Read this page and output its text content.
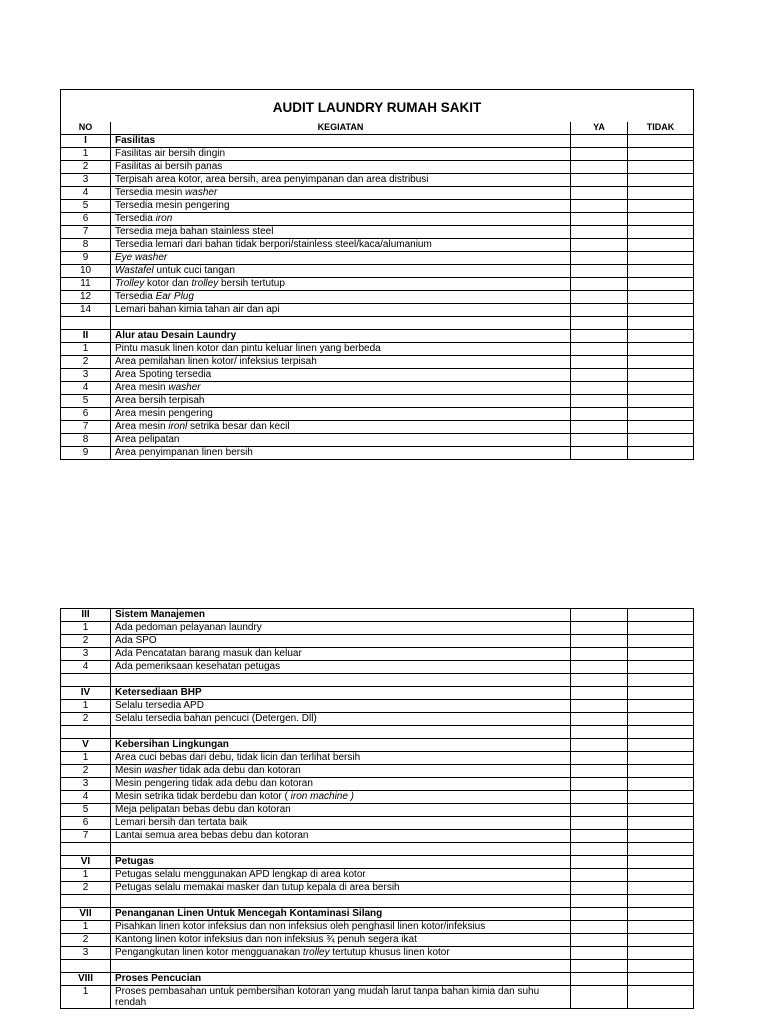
AUDIT LAUNDRY RUMAH SAKIT			
NO	KEGIATAN	YA	TIDAK
I	Fasilitas		
1	Fasilitas air bersih dingin		
2	Fasilitas ai bersih panas		
3	Terpisah area kotor, area bersih, area penyimpanan dan area distribusi		
4	Tersedia mesin washer		
5	Tersedia mesin pengering		
6	Tersedia iron		
7	Tersedia meja bahan stainless steel		
8	Tersedia lemari dari bahan tidak berpori/stainless steel/kaca/alumanium		
9	Eye washer		
10	Wastafel untuk cuci tangan		
11	Trolley kotor dan trolley bersih tertutup		
12	Tersedia Ear Plug		
14	Lemari bahan kimia tahan air dan api		

II	Alur atau Desain Laundry		
1	Pintu masuk linen kotor dan pintu keluar linen yang berbeda		
2	Area pemilahan linen kotor/ infeksius terpisah		
3	Area Spoting tersedia		
4	Area mesin washer		
5	Area bersih terpisah		
6	Area mesin pengering		
7	Area mesin ironl setrika besar dan kecil		
8	Area pelipatan		
9	Area penyimpanan linen bersih		
III	Sistem Manajemen		
1	Ada pedoman pelayanan laundry		
2	Ada SPO		
3	Ada Pencatatan barang masuk dan keluar		
4	Ada pemeriksaan kesehatan petugas		

IV	Ketersediaan BHP		
1	Selalu tersedia APD		
2	Selalu tersedia bahan pencuci (Detergen. Dll)		

V	Kebersihan Lingkungan		
1	Area cuci bebas dari debu, tidak licin dan terlihat bersih		
2	Mesin washer tidak ada debu dan kotoran		
3	Mesin pengering tidak ada debu dan kotoran		
4	Mesin setrika tidak berdebu dan kotor ( iron machine )		
5	Meja pelipatan bebas debu dan kotoran		
6	Lemari bersih dan tertata baik		
7	Lantai semua area bebas debu dan kotoran		

VI	Petugas		
1	Petugas selalu menggunakan APD lengkap di area kotor		
2	Petugas selalu memakai masker dan tutup kepala di area bersih		

VII	Penanganan Linen Untuk Mencegah Kontaminasi Silang		
1	Pisahkan linen kotor infeksius dan non infeksius oleh penghasil linen kotor/infeksius		
2	Kantong linen kotor infeksius dan non infeksius ¾ penuh segera ikat		
3	Pengangkutan linen kotor mengguanakan trolley tertutup khusus linen kotor		

VIII	Proses Pencucian		
1	Proses pembasahan untuk pembersihan kotoran yang mudah larut tanpa bahan kimia dan suhu rendah		
